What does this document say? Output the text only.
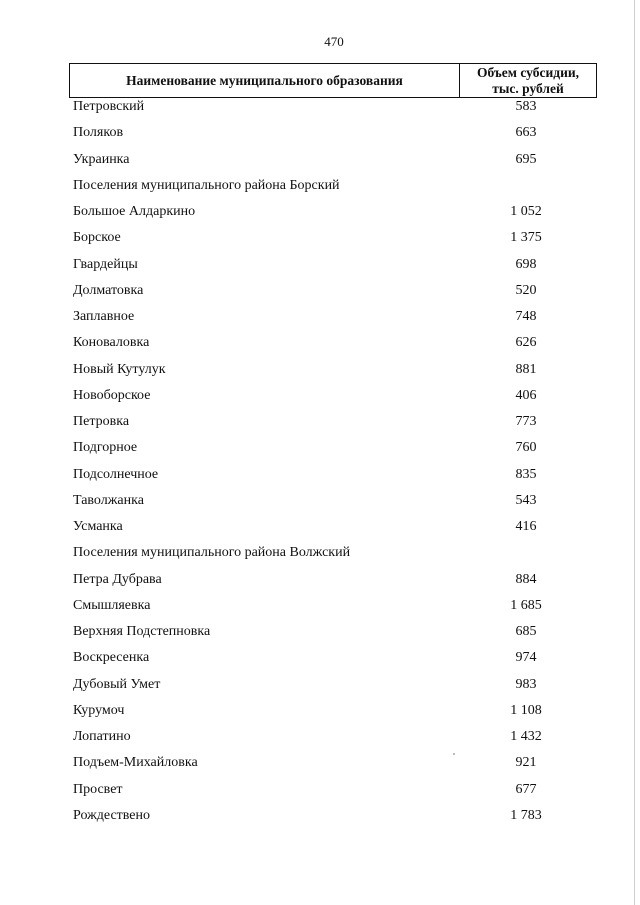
470
Наименование муниципального образования
Объем субсидии,
тыс. рублей
Петровский	583
Поляков	663
Украинка	695
Поселения муниципального района Борский
Большое Алдаркино	1 052
Борское	1 375
Гвардейцы	698
Долматовка	520
Заплавное	748
Коноваловка	626
Новый Кутулук	881
Новоборское	406
Петровка	773
Подгорное	760
Подсолнечное	835
Таволжанка	543
Усманка	416
Поселения муниципального района Волжский
Петра Дубрава	884
Смышляевка	1 685
Верхняя Подстепновка	685
Воскресенка	974
Дубовый Умет	983
Курумоч	1 108
Лопатино	1 432
Подъем-Михайловка	921
Просвет	677
Рождествено	1 783
